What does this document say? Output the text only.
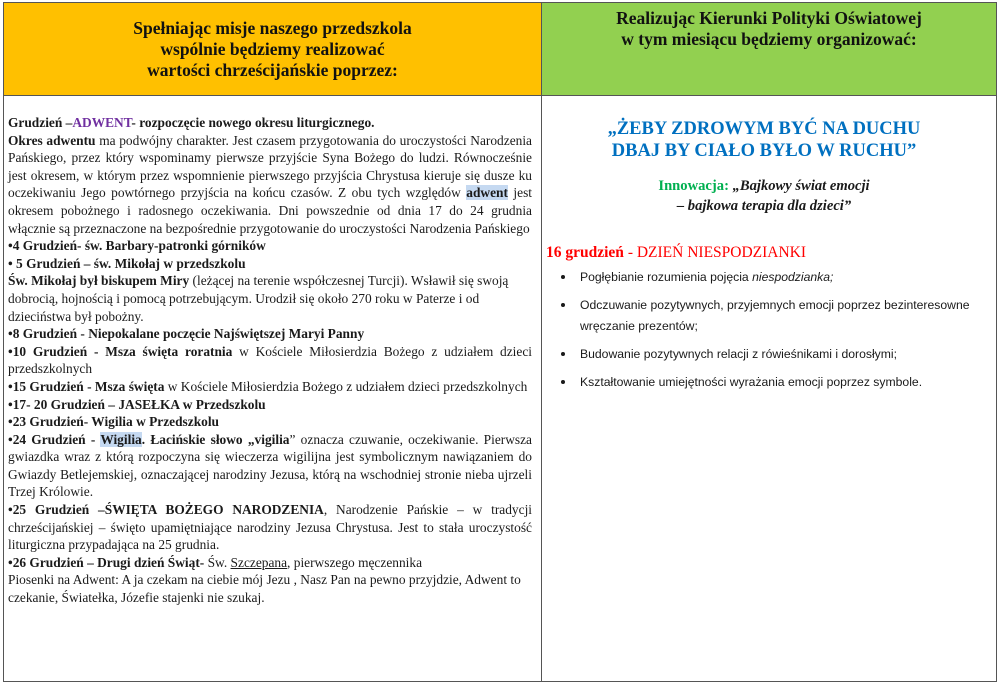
Spełniając misje naszego przedszkola
wspólnie będziemy realizować
wartości chrześcijańskie poprzez:
Realizując Kierunki Polityki Oświatowej
w tym miesiącu będziemy organizować:

Grudzień –ADWENT- rozpoczęcie nowego okresu liturgicznego.

Okres adwentu ma podwójny charakter. Jest czasem przygotowania do uroczystości Narodzenia Pańskiego, przez który wspominamy pierwsze przyjście Syna Bożego do ludzi. Równocześnie jest okresem, w którym przez wspomnienie pierwszego przyjścia Chrystusa kieruje się dusze ku oczekiwaniu Jego powtórnego przyjścia na końcu czasów. Z obu tych względów adwent jest okresem pobożnego i radosnego oczekiwania. Dni powszednie od dnia 17 do 24 grudnia włącznie są przeznaczone na bezpośrednie przygotowanie do uroczystości Narodzenia Pańskiego

•4 Grudzień- św. Barbary-patronki górników

• 5 Grudzień – św. Mikołaj w przedszkolu

Św. Mikołaj był biskupem Miry (leżącej na terenie współczesnej Turcji). Wsławił się swoją dobrocią, hojnością i pomocą potrzebującym. Urodził się około 270 roku w Paterze i od dzieciństwa był pobożny.

•8 Grudzień - Niepokalane poczęcie Najświętszej Maryi Panny

•10 Grudzień - Msza święta roratnia w Kościele Miłosierdzia Bożego z udziałem dzieci przedszkolnych

•15 Grudzień - Msza święta w Kościele Miłosierdzia Bożego z udziałem dzieci przedszkolnych

•17- 20 Grudzień – JASEŁKA w Przedszkolu

•23 Grudzień- Wigilia w Przedszkolu

•24 Grudzień - Wigilia. Łacińskie słowo „vigilia” oznacza czuwanie, oczekiwanie. Pierwsza gwiazdka wraz z którą rozpoczyna się wieczerza wigilijna jest symbolicznym nawiązaniem do Gwiazdy Betlejemskiej, oznaczającej narodziny Jezusa, którą na wschodniej stronie nieba ujrzeli Trzej Królowie.

•25 Grudzień –ŚWIĘTA BOŻEGO NARODZENIA, Narodzenie Pańskie – w tradycji chrześcijańskiej – święto upamiętniające narodziny Jezusa Chrystusa. Jest to stała uroczystość liturgiczna przypadająca na 25 grudnia.

•26 Grudzień – Drugi dzień Świąt- Św. Szczepana, pierwszego męczennika

Piosenki na Adwent: A ja czekam na ciebie mój Jezu , Nasz Pan na pewno przyjdzie, Adwent to czekanie, Światełka, Józefie stajenki nie szukaj.

„ŻEBY ZDROWYM BYĆ NA DUCHU
DBAJ BY CIAŁO BYŁO W RUCHU”
Innowacja: „Bajkowy świat emocji
– bajkowa terapia dla dzieci”
16 grudzień - DZIEŃ NIESPODZIANKI
• Pogłębianie rozumienia pojęcia niespodzianka;
• Odczuwanie pozytywnych, przyjemnych emocji poprzez bezinteresowne wręczanie prezentów;
• Budowanie pozytywnych relacji z rówieśnikami i dorosłymi;
• Kształtowanie umiejętności wyrażania emocji poprzez symbole.
